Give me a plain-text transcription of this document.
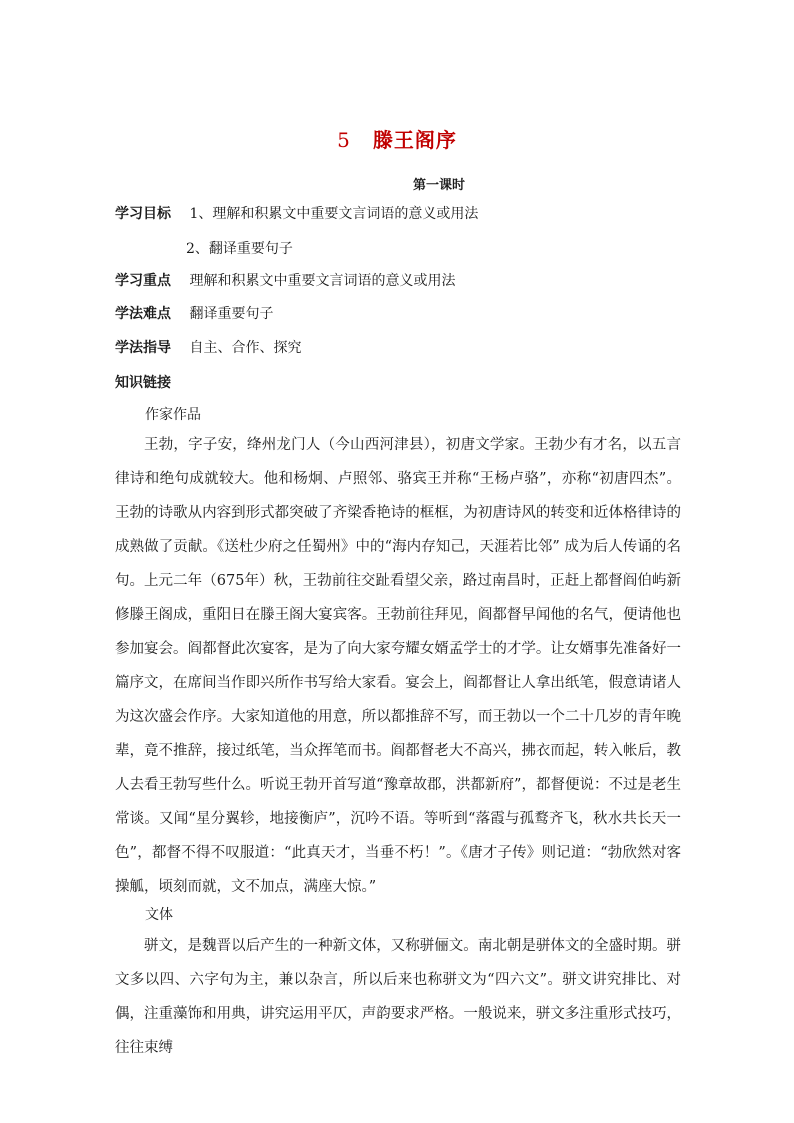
5 滕王阁序
第一课时
学习目标 1、理解和积累文中重要文言词语的意义或用法
2、翻译重要句子
学习重点 理解和积累文中重要文言词语的意义或用法
学法难点 翻译重要句子
学法指导 自主、合作、探究
知识链接
作家作品

王勃，字子安，绛州龙门人（今山西河津县），初唐文学家。王勃少有才名，以五言律诗和绝句成就较大。他和杨炯、卢照邻、骆宾王并称“王杨卢骆”，亦称“初唐四杰”。王勃的诗歌从内容到形式都突破了齐梁香艳诗的框框，为初唐诗风的转变和近体格律诗的成熟做了贡献。《送杜少府之任蜀州》中的“海内存知己，天涯若比邻” 成为后人传诵的名句。 上元二年（675年）秋，王勃前往交趾看望父亲，路过南昌时，正赶上都督阎伯屿新修滕王阁成，重阳日在滕王阁大宴宾客。王勃前往拜见，阎都督早闻他的名气，便请他也参加宴会。阎都督此次宴客，是为了向大家夸耀女婿孟学士的才学。让女婿事先准备好一篇序文，在席间当作即兴所作书写给大家看。宴会上，阎都督让人拿出纸笔，假意请诸人为这次盛会作序。大家知道他的用意，所以都推辞不写，而王勃以一个二十几岁的青年晚辈，竟不推辞，接过纸笔，当众挥笔而书。阎都督老大不高兴，拂衣而起，转入帐后，教人去看王勃写些什么。听说王勃开首写道“豫章故郡，洪都新府”，都督便说：不过是老生常谈。又闻“星分翼轸，地接衡庐”，沉吟不语。等听到“落霞与孤鹜齐飞，秋水共长天一色”，都督不得不叹服道：“此真天才，当垂不朽！”。《唐才子传》则记道：“勃欣然对客操觚，顷刻而就，文不加点，满座大惊。”

文体

骈文，是魏晋以后产生的一种新文体，又称骈俪文。南北朝是骈体文的全盛时期。骈文多以四、六字句为主，兼以杂言，所以后来也称骈文为“四六文”。骈文讲究排比、对偶，注重藻饰和用典，讲究运用平仄，声韵要求严格。一般说来，骈文多注重形式技巧，往往束缚
